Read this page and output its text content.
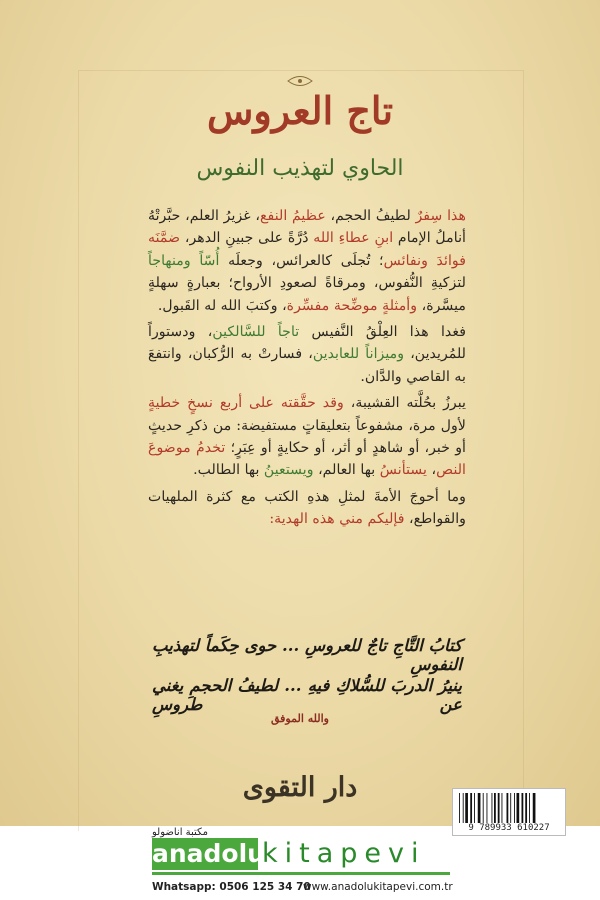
تاج العروس
الحاوي لتهذيب النفوس

هذا سِفرٌ لطيفُ الحجم، عظيمُ النفع، غزيرُ العلم، حبَّرتْهُ أناملُ الإمام ابنِ عطاءِ الله دُرَّةً على جبينِ الدهر، ضمَّنَه فوائدَ ونفائس؛ تُجلَى كالعرائس، وجعلَه أُسّاً ومنهاجاً لتزكيةِ النُّفوس، ومرقاةً لصعودِ الأرواح؛ بعبارةٍ سهلةٍ ميسَّرة، وأمثلةٍ موضِّحة مفسِّرة، وكتبَ الله له القَبول.

فغدا هذا العِلْقُ النَّفيس تاجاً للسَّالكين، ودستوراً للمُريدين، وميزاناً للعابدين، فسارتْ به الرُّكبان، وانتفعَ به القاصي والدَّان.

يبرزُ بحُلَّته القشيبة، وقد حقَّقته على أربع نسخٍ خطيةٍ لأول مرة، مشفوعاً بتعليقاتٍ مستفيضة: من ذكرِ حديثٍ أو خبر، أو شاهدٍ أو أثر، أو حكايةٍ أو عِبَرٍ؛ تخدمُ موضوعَ النص، يستأنسُ بها العالم، ويستعينُ بها الطالب.

وما أحوجَ الأمةَ لمثلِ هذهِ الكتب مع كثرة الملهيات والقواطع، فإليكم مني هذه الهدية:

كتابُ التَّاجِ تاجٌ للعروسِ ... حوى حِكَماً لتهذيبِ النفوسِ
ينيرُ الدربَ للسُّلاكِ فيهِ ... لطيفُ الحجمِ يغني عن طروسِ
والله الموفق
دار التقوى
9 789933 610227
مكتبة اناضولو
anadolu
kitapevi
Whatsapp: 0506 125 34 70
www.anadolukitapevi.com.tr
